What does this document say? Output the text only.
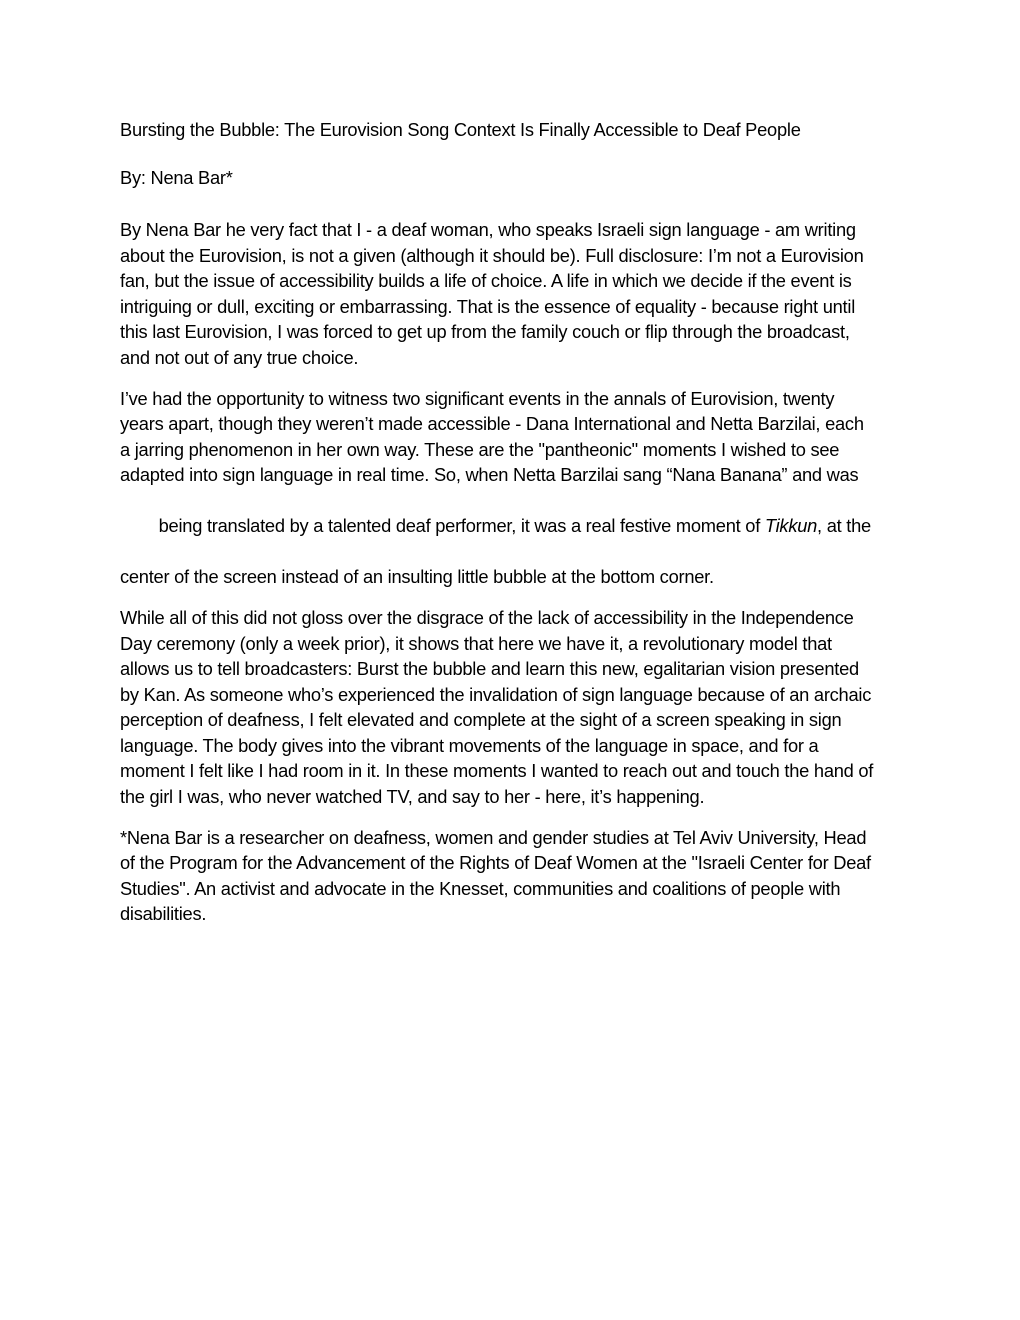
Bursting the Bubble: The Eurovision Song Context Is Finally Accessible to Deaf People
By: Nena Bar*
By Nena Bar he very fact that I - a deaf woman, who speaks Israeli sign language - am writing
about the Eurovision, is not a given (although it should be). Full disclosure: I’m not a Eurovision
fan, but the issue of accessibility builds a life of choice. A life in which we decide if the event is
intriguing or dull, exciting or embarrassing. That is the essence of equality - because right until
this last Eurovision, I was forced to get up from the family couch or flip through the broadcast,
and not out of any true choice.
I’ve had the opportunity to witness two significant events in the annals of Eurovision, twenty
years apart, though they weren’t made accessible - Dana International and Netta Barzilai, each
a jarring phenomenon in her own way. These are the "pantheonic" moments I wished to see
adapted into sign language in real time. So, when Netta Barzilai sang “Nana Banana” and was

being translated by a talented deaf performer, it was a real festive moment of Tikkun, at the

center of the screen instead of an insulting little bubble at the bottom corner.
While all of this did not gloss over the disgrace of the lack of accessibility in the Independence
Day ceremony (only a week prior), it shows that here we have it, a revolutionary model that
allows us to tell broadcasters: Burst the bubble and learn this new, egalitarian vision presented
by Kan. As someone who’s experienced the invalidation of sign language because of an archaic
perception of deafness, I felt elevated and complete at the sight of a screen speaking in sign
language. The body gives into the vibrant movements of the language in space, and for a
moment I felt like I had room in it. In these moments I wanted to reach out and touch the hand of
the girl I was, who never watched TV, and say to her - here, it’s happening.
*Nena Bar is a researcher on deafness, women and gender studies at Tel Aviv University, Head
of the Program for the Advancement of the Rights of Deaf Women at the "Israeli Center for Deaf
Studies". An activist and advocate in the Knesset, communities and coalitions of people with
disabilities.
